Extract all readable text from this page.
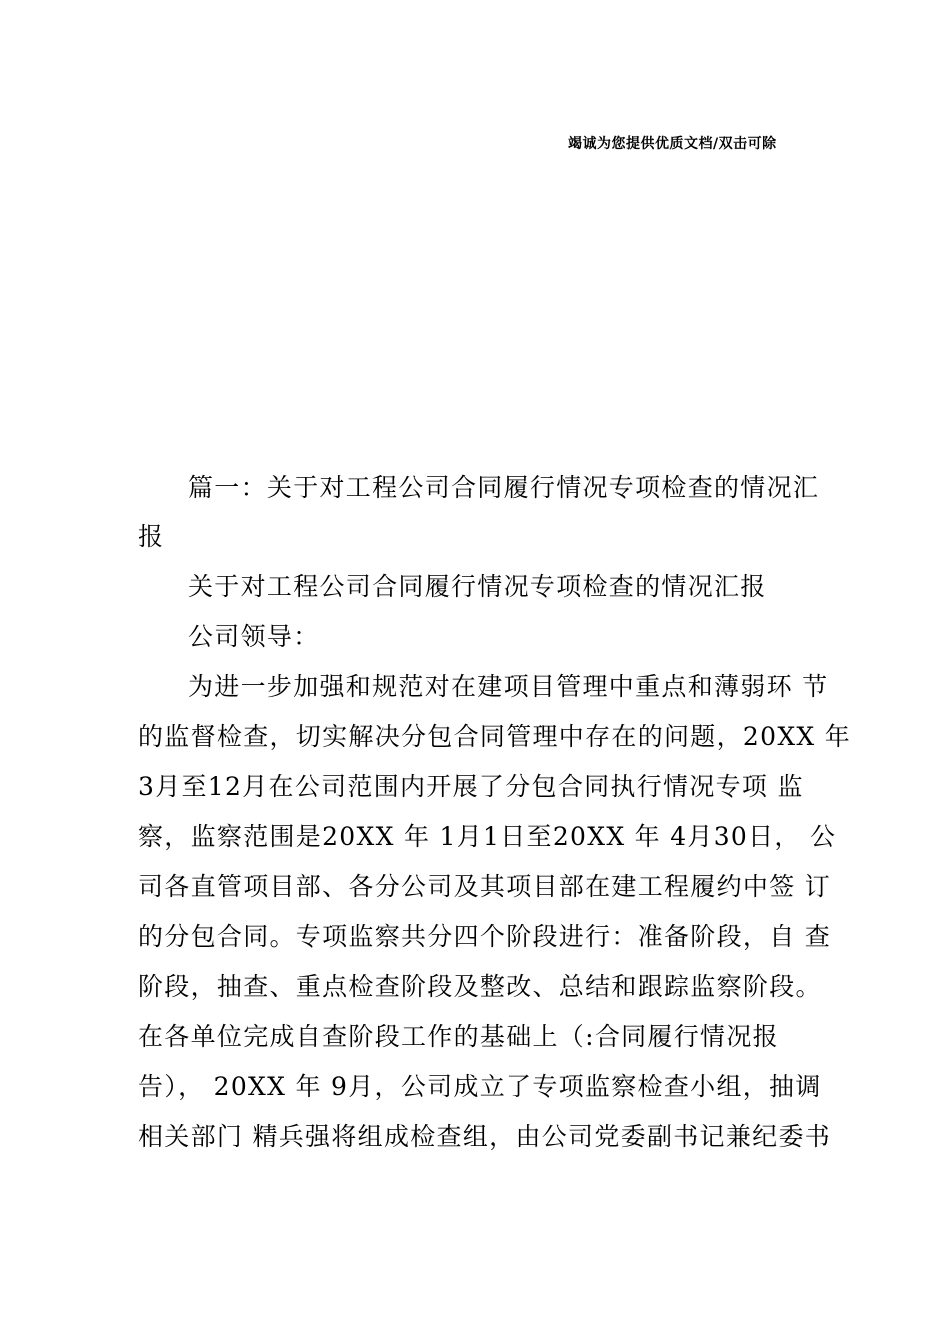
竭诚为您提供优质文档/双击可除
篇一：关于对工程公司合同履行情况专项检查的情况汇
报
关于对工程公司合同履行情况专项检查的情况汇报
公司领导：
为进一步加强和规范对在建项目管理中重点和薄弱环 节
的监督检查，切实解决分包合同管理中存在的问题，20XX 年
3月至12月在公司范围内开展了分包合同执行情况专项 监
察，监察范围是20XX 年 1月1日至20XX 年 4月30日， 公
司各直管项目部、各分公司及其项目部在建工程履约中签 订
的分包合同。专项监察共分四个阶段进行：准备阶段，自 查
阶段，抽查、重点检查阶段及整改、总结和跟踪监察阶段。
在各单位完成自查阶段工作的基础上（:合同履行情况报
告）， 20XX 年 9月，公司成立了专项监察检查小组，抽调
相关部门 精兵强将组成检查组，由公司党委副书记兼纪委书
